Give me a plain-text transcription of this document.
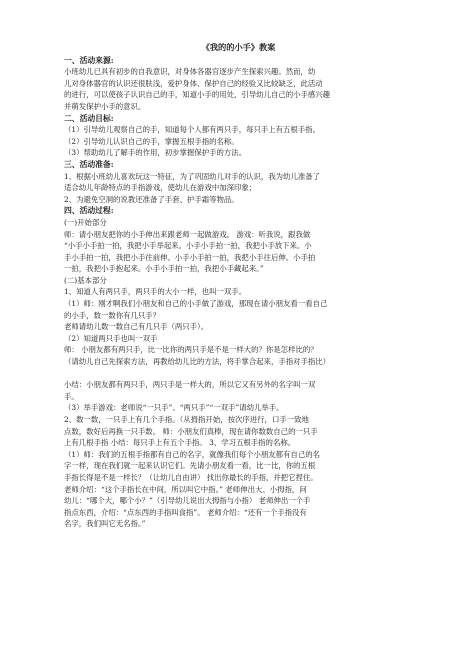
《我的的小手》教案
一、活动来源:

小班幼儿已具有初步的自我意识，对身体各器官逐步产生探索兴趣。然而，幼

儿对身体器官的认识还很肤浅，爱护身体、保护自己的经验又比较缺乏，此活动

的进行，可以使孩子认识自己的手，知道小手的用处，引导幼儿自己的小手感兴趣

并萌发保护小手的意识。

二、活动目标:

（1）引导幼儿观察自己的手，知道每个人都有两只手，每只手上有五根手指。

（2）引导幼儿认识自己的手，掌握五根手指的名称。

（3）帮助幼儿了解手的作用，初步掌握保护手的方法。

三、活动准备:

1、根据小班幼儿喜欢玩这一特征，为了巩固幼儿对手的认识，我为幼儿准备了

适合幼儿年龄特点的手指游戏，使幼儿在游戏中加深印象；

2、为避免空洞的说教还准备了手套、护手霜等物品。

四、活动过程:

(一)开始部分

师：请小朋友把你的小手伸出来跟老师一起做游戏。 游戏：听我说，跟我做

“小手小手拍一拍，我把小手举起来。小手小手拍一拍，我把小手放下来。小

手小手拍一拍，我把小手往前伸。小手小手拍一拍，我把小手往后伸。小手拍

一拍，我把小手抱起来。小手小手拍一拍，我把小手藏起来。”

(二)基本部分

1、知道人有两只手，两只手的大小一样，也叫一双手。

（1）师：刚才啊我们小朋友和自己的小手做了游戏，那现在请小朋友看一看自己

的小手，数一数你有几只手？

老师请幼儿数一数自己有几只手（两只手）。

（2）知道两只手也叫一双手

师： 小朋友都有两只手，比一比你的两只手是不是一样大的？你是怎样比的？

（请幼儿自己先探索方法，再教给幼儿比的方法，将手掌合起来，手指对手指比）

小结：小朋友都有两只手，两只手是一样大的，所以它又有另外的名字叫一双

手。

（3）举手游戏：老师说“一只手”、“两只手”“一双手”请幼儿举手。

2、数一数，一只手上有几个手指。（从拇指开始，按次序进行，口手一致地

点数，数好后再换一只手数。 师：小朋友们真棒，现在请你数数自己的一只手

上有几根手指 小结：每只手上有五个手指。 3、学习五根手指的名称。

（1）师：我们的五根手指都有自己的名字，就像我们每个小朋友都有自己的名

字一样，现在我们就一起来认识它们。先请小朋友看一看，比一比，你的五根

手指长得是不是一样长？（让幼儿自由讲） 找出你最长的手指，并把它捏住。

老师介绍：“这个手指长在中间，所以叫它中指。” 老师伸出大、小拇指，问

幼儿：“哪个大，哪个小？”（引导幼儿说出大拇指与小指） 老师伸出一个手

指点东西，介绍：“点东西的手指叫食指”。 老师介绍：“还有一个手指没有

名字，我们叫它无名指。”
